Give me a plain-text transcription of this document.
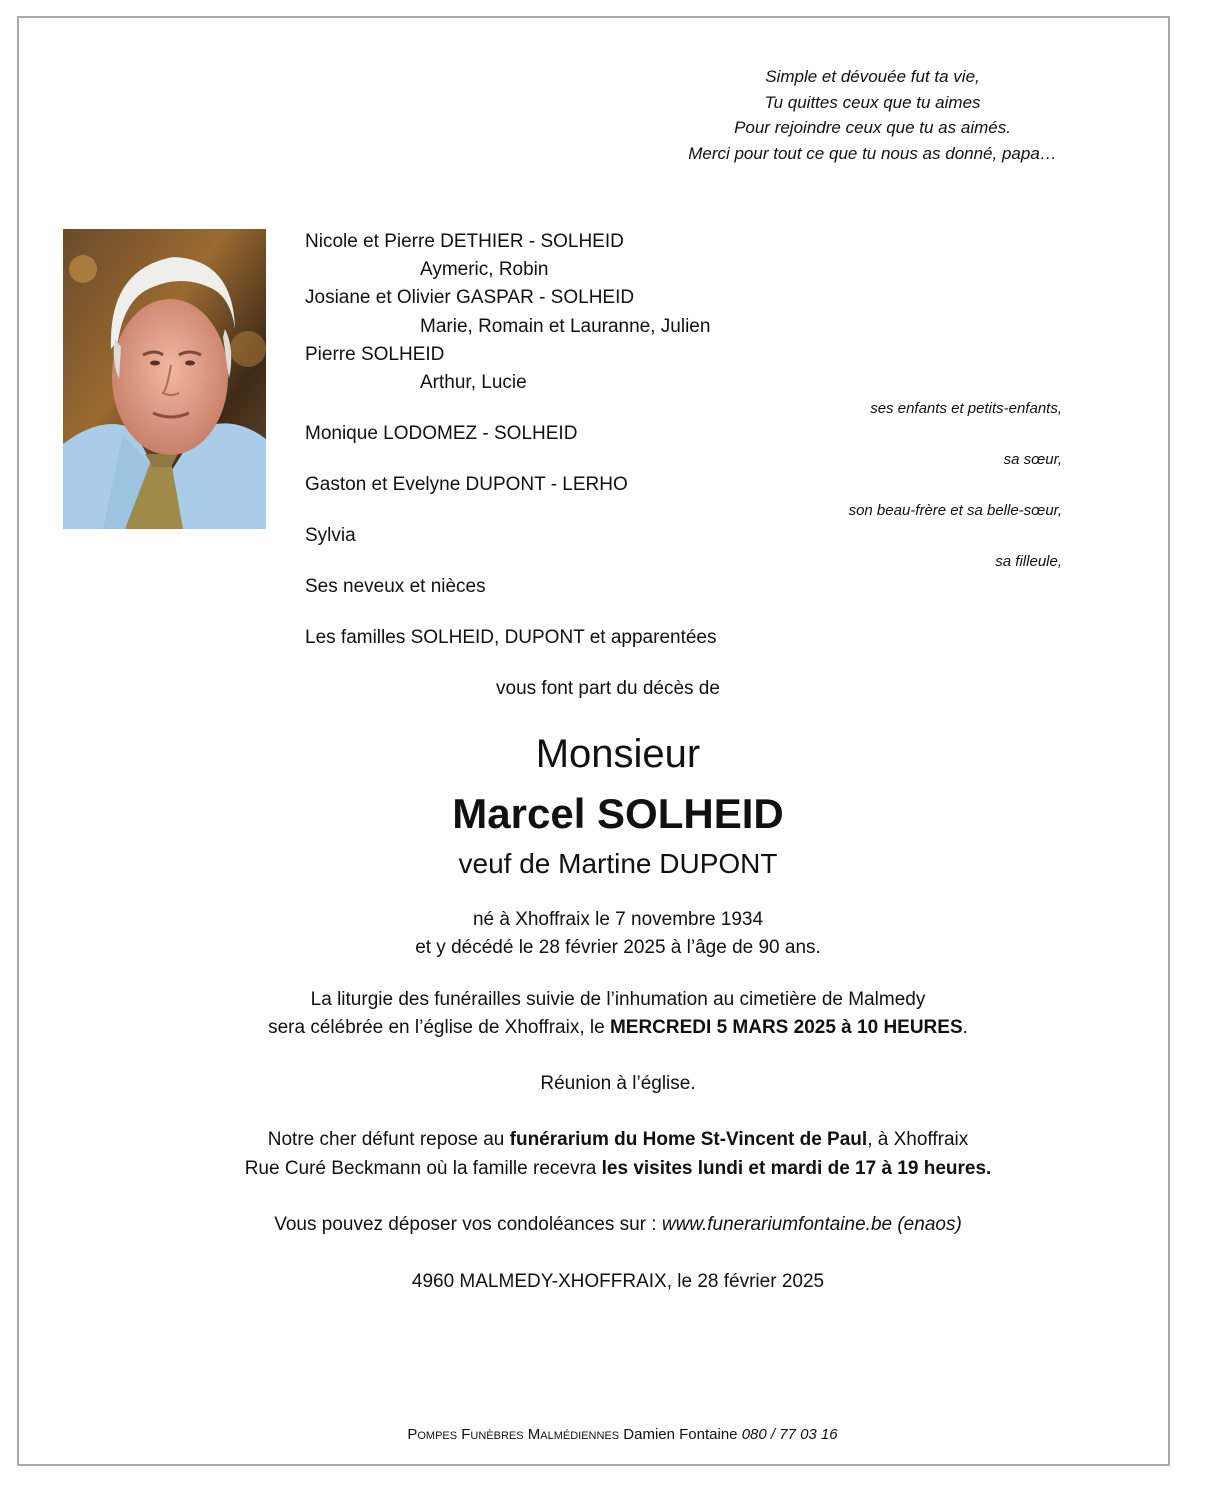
Simple et dévouée fut ta vie,
Tu quittes ceux que tu aimes
Pour rejoindre ceux que tu as aimés.
Merci pour tout ce que tu nous as donné, papa…
Nicole et Pierre DETHIER - SOLHEID
Aymeric, Robin
Josiane et Olivier GASPAR - SOLHEID
Marie, Romain et Lauranne, Julien
Pierre SOLHEID
Arthur, Lucie
ses enfants et petits-enfants,
Monique LODOMEZ - SOLHEID
sa sœur,
Gaston et Evelyne DUPONT - LERHO
son beau-frère et sa belle-sœur,
Sylvia
sa filleule,
Ses neveux et nièces
Les familles SOLHEID, DUPONT et apparentées
vous font part du décès de
Monsieur
Marcel SOLHEID
veuf de Martine DUPONT
né à Xhoffraix le 7 novembre 1934
et y décédé le 28 février 2025 à l’âge de 90 ans.
La liturgie des funérailles suivie de l’inhumation au cimetière de Malmedy
sera célébrée en l’église de Xhoffraix, le MERCREDI 5 MARS 2025 à 10 HEURES.
Réunion à l’église.
Notre cher défunt repose au funérarium du Home St-Vincent de Paul, à Xhoffraix
Rue Curé Beckmann où la famille recevra les visites lundi et mardi de 17 à 19 heures.
Vous pouvez déposer vos condoléances sur : www.funerariumfontaine.be (enaos)
4960 MALMEDY-XHOFFRAIX, le 28 février 2025
Pompes Funèbres Malmédiennes Damien Fontaine 080 / 77 03 16
